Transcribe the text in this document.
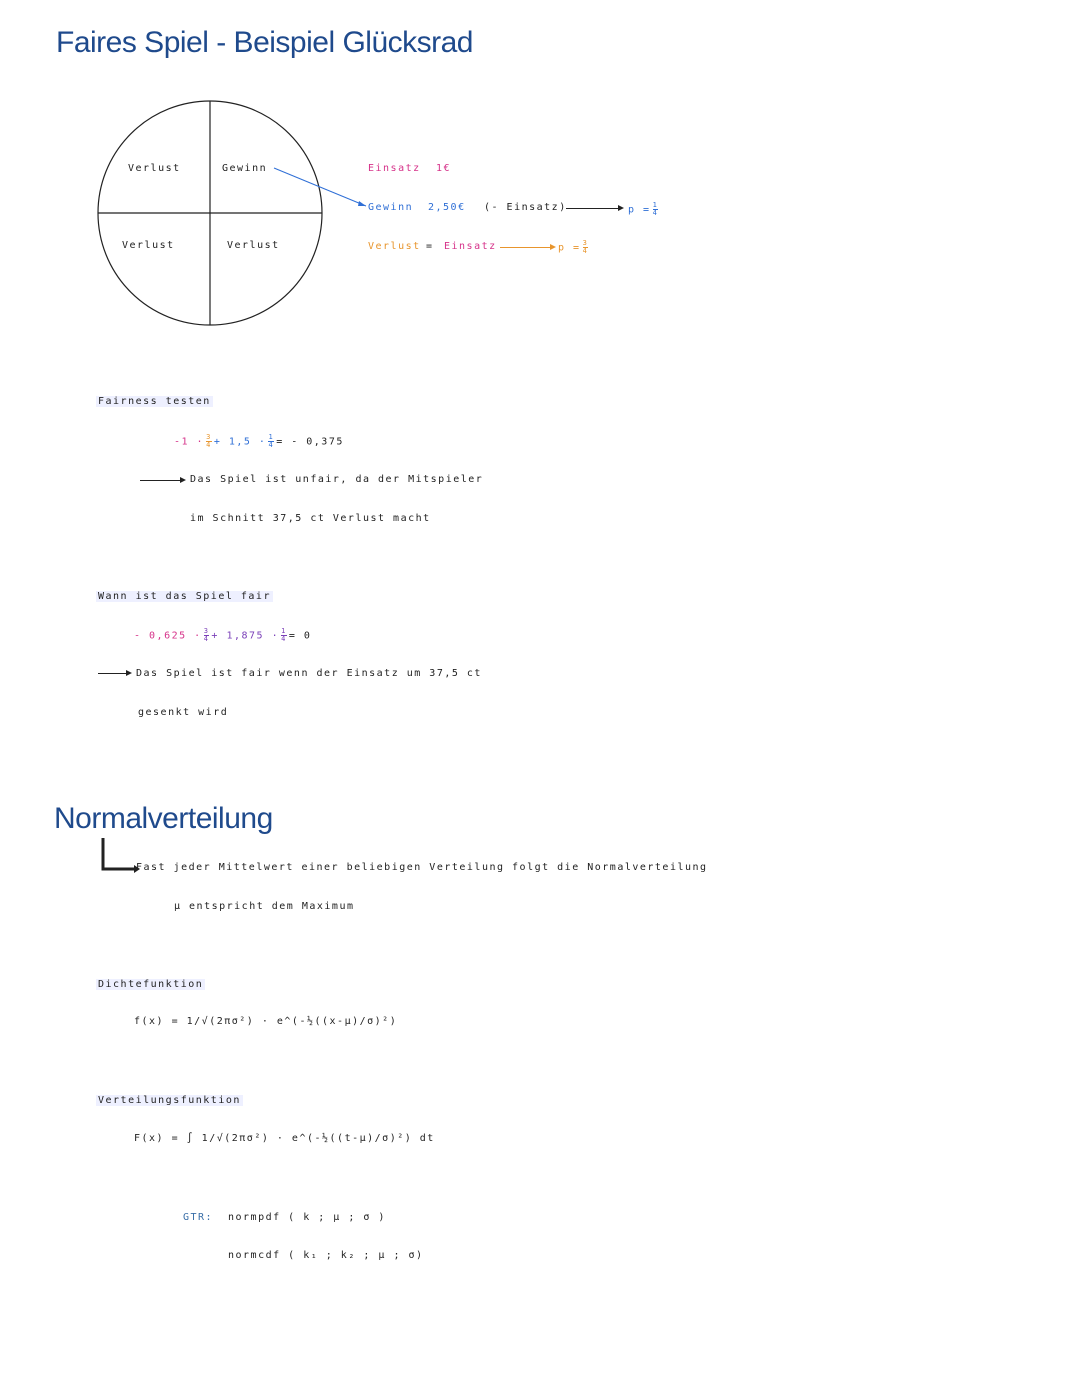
Faires Spiel - Beispiel Glücksrad
Verlust	Gewinn
Verlust	Verlust
Einsatz 1€
Gewinn 2,50€ (- Einsatz)	$p = \frac{1}{4}$
Verlust = Einsatz	$p = \frac{3}{4}$
Fairness testen
$-1 \cdot \frac{3}{4} + 1,5 \cdot \frac{1}{4}$ = - 0,375
Das Spiel ist unfair, da der Mitspieler
im Schnitt 37,5 ct Verlust macht
Wann ist das Spiel fair
- $0,625 \cdot \frac{3}{4} + 1,875 \cdot \frac{1}{4} = 0$
Das Spiel ist fair wenn der Einsatz um 37,5 ct
gesenkt wird
Normalverteilung
Fast jeder Mittelwert einer beliebigen Verteilung folgt die Normalverteilung
μ entspricht dem Maximum
Dichtefunktion
f(x) = 1/√(2πσ²) · e^(-½((x-μ)/σ)²)
Verteilungsfunktion
F(x) = ∫ 1/√(2πσ²) · e^(-½((t-μ)/σ)²) dt
GTR: normpdf ( k ; μ ; σ )
normcdf ( k₁ ; k₂ ; μ ; σ)
